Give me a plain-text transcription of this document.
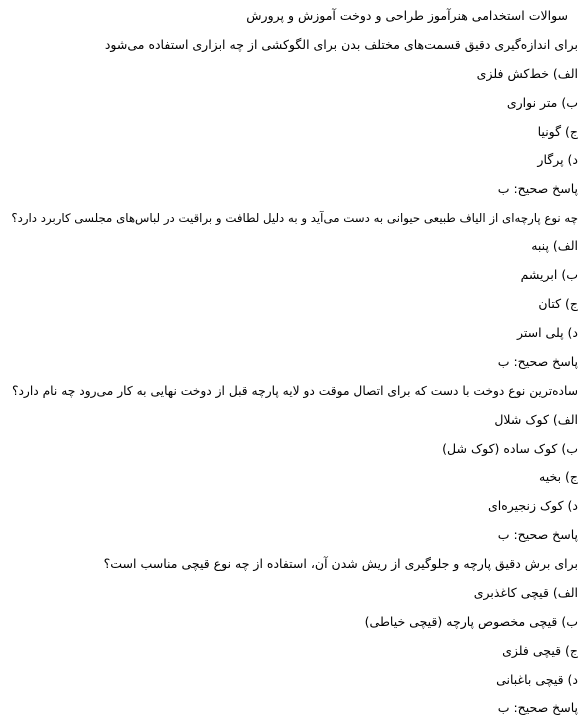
سوالات استخدامی هنرآموز طراحی و دوخت آموزش و پرورش
برای اندازه‌گیری دقیق قسمت‌های مختلف بدن برای الگوکشی از چه ابزاری استفاده می‌شود
الف) خط‌کش فلزی
ب) متر نواری
ج) گونیا
د) پرگار
پاسخ صحیح: ب
چه نوع پارچه‌ای از الیاف طبیعی حیوانی به دست می‌آید و به دلیل لطافت و براقیت در لباس‌های مجلسی کاربرد دارد؟
الف) پنبه
ب) ابریشم
ج) کتان
د) پلی استر
پاسخ صحیح: ب
ساده‌ترین نوع دوخت با دست که برای اتصال موقت دو لایه پارچه قبل از دوخت نهایی به کار می‌رود چه نام دارد؟
الف) کوک شلال
ب) کوک ساده (کوک شل)
ج) بخیه
د) کوک زنجیره‌ای
پاسخ صحیح: ب
برای برش دقیق پارچه و جلوگیری از ریش شدن آن، استفاده از چه نوع قیچی مناسب است؟
الف) قیچی کاغذبری
ب) قیچی مخصوص پارچه (قیچی خیاطی)
ج) قیچی فلزی
د) قیچی باغبانی
پاسخ صحیح: ب
